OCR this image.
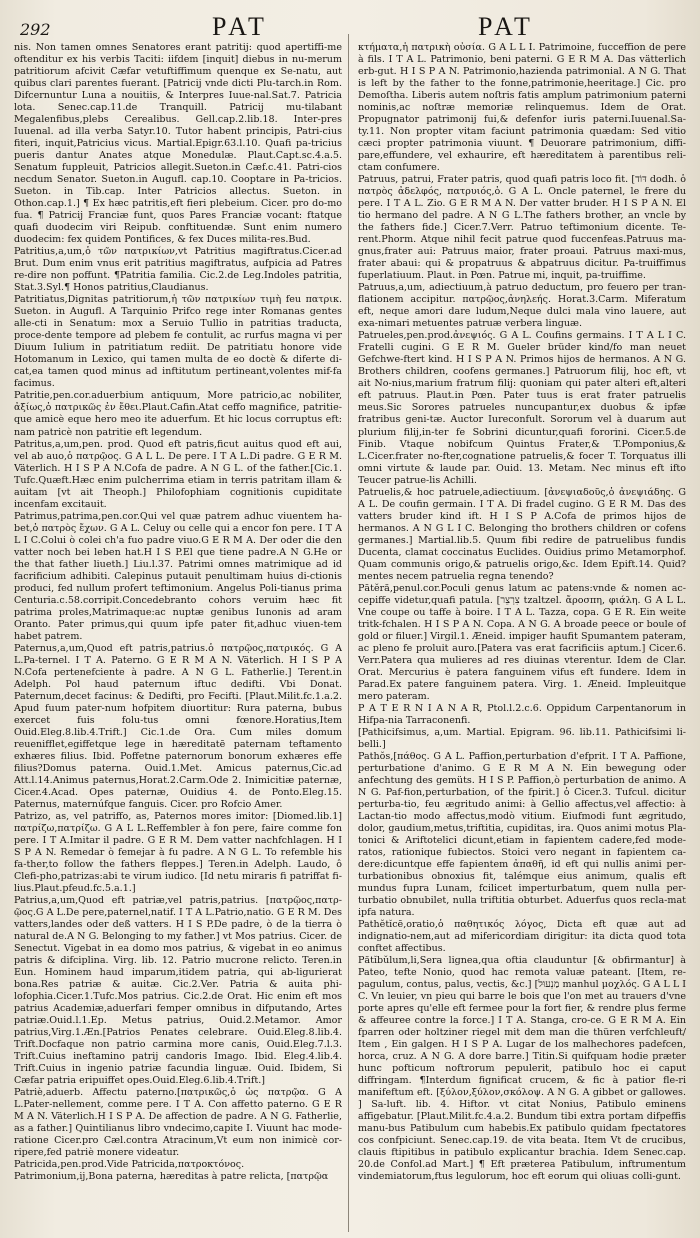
292	PAT	PAT

nis. Non tamen omnes Senatores erant patritij: quod apertiffi-me oftenditur ex his verbis Taciti: iifdem [inquit] diebus in nu-merum patritiorum afcivit Cæfar vetuftiffimum quenque ex Se-natu, aut quibus clari parentes fuerant. [Patricij vnde dicti Plu-tarch.in Rom. Difcernuntur Luna a nouitiis, & Interpres Iuue-nal.Sat.7. Patricia lota. Senec.cap.11.de Tranquill. Patricij mu-tilabant Megalenfibus,plebs Cerealibus. Gell.cap.2.lib.18. Inter-pres Iuuenal. ad illa verba Satyr.10. Tutor habent principis, Patri-cius fiteri, inquit,Patricius vicus. Martial.Epigr.63.l.10. Quafi pa-tricius pueris dantur Anates atque Monedulæ. Plaut.Capt.sc.4.a.5. Senatum fuppleuit, Patricios allegit.Sueton.in Cæf.c.41. Patri-cios necdum Senator. Sueton.in Augufl. cap.10. Cooptare in Pa-tricios. Sueton. in Tib.cap. Inter Patricios allectus. Sueton. in Othon.cap.1.] ¶ Ex hæc patritis,eft fieri plebeium. Cicer. pro do-mo fua. ¶ Patricij Franciæ funt, quos Pares Franciæ vocant: ftatque quafi duodecim viri Reipub. conftituendæ. Sunt enim numero duodecim: fex quidem Pontifices, & fex Duces milita-res.Bud.

Patritius,a,um,ὁ τῶν πατρικίων,vt Patritius magiftratus.Cicer.ad Brut. Dum enim vnus erit patritius magiftratus, aufpicia ad Patres re-dire non poffunt. ¶Patritia familia. Cic.2.de Leg.Indoles patritia, Stat.3.Syl.¶ Honos patritius,Claudianus.

Patritiatus,Dignitas patritiorum,ἡ τῶν πατρικίων τιμὴ feu πατρικ. Sueton. in Augufl. A Tarquinio Prifco rege inter Romanas gentes alle-cti in Senatum: mox a Seruio Tullio in patritias traducta, proce-dente tempore ad plebem fe contulit, ac rurfus magna vi per Diuum Iulium in patritiatum rediit. De patritiatu honore vide Hotomanum in Lexico, qui tamen multa de eo doctè & diferte di-cat,ea tamen quod minus ad inftitutum pertineant,volentes mif-fa facimus.

Patritie,pen.cor.aduerbium antiquum, More patricio,ac nobiliter, ἀξίως,ὁ πατρικῶς ἐν ἔθει.Plaut.Cafin.Atat ceffo magnifice, patritie-que amicè eque hero meo ite aduerfum. Et hic locus corruptus eft: nam patricè non patritie eft legendum.

Patritus,a,um,pen. prod. Quod eft patris,ficut auitus quod eft aui, vel ab auo,ὁ πατρῷος. G A L L. De pere. I T A L.Di padre. G E R M. Väterlich. H I S P A N.Cofa de padre. A N G L. of the father.[Cic.1. Tufc.Quæft.Hæc enim pulcherrima etiam in terris patritam illam & auitam [vt ait Theoph.] Philofophiam cognitionis cupiditate incenfam excitauit.

Patrimus,patrima,pen.cor.Qui vel quæ patrem adhuc viuentem ha-bet,ὁ πατρὸς ἔχων. G A L. Celuy ou celle qui a encor fon pere. I T A L I C.Colui ò colei ch'a fuo padre viuo.G E R M A. Der oder die den vatter noch bei leben hat.H I S P.El que tiene padre.A N G.He or the that father liueth.] Liu.l.37. Patrimi omnes matrimique ad id facrificium adhibiti. Calepinus putauit penultimam huius di-ctionis produci, fed nullum profert teftimonium. Angelus Poli-tianus prima Centuria.c.58.corripit.Concedebranto cohors veruim hæc fit patrima proles,Matrimaque:ac nuptæ genibus Iunonis ad aram Oranto. Pater primus,qui quum ipfe pater fit,adhuc viuen-tem habet patrem.

Paternus,a,um,Quod eft patris,patrius.ὁ πατρῷος,πατρικός. G A L.Pa-ternel. I T A. Paterno. G E R M A N. Väterlich. H I S P A N.Cofa pertenefciente à padre. A N G L. Fatherlie.] Terent.in Adelph. Pol haud paternum iftuc dedifti. Vbi Donat. Paternum,decet facinus: & Dedifti, pro Fecifti. [Plaut.Milit.fc.1.a.2. Apud fuum pater-num hofpitem diuortitur: Rura paterna, bubus exercet fuis folu-tus omni fœnore.Horatius,Item Ouid.Eleg.8.lib.4.Trift.] Cic.1.de Ora. Cum miles domum reuenifflet,egiffetque lege in hæreditatē paternam teftamento exhæres filius. Ibid. Poffetne paternorum bonorum exhæres effe filius?Domus paterna. Ouid.1.Met. Amicus paternus,Cic.ad Att.l.14.Animus paternus,Horat.2.Carm.Ode 2. Inimicitiæ paternæ, Cicer.4.Acad. Opes paternæ, Ouidius 4. de Ponto.Eleg.15. Paternus, maternúfque fanguis. Cicer. pro Rofcio Amer.

Patrizo, as, vel patriffo, as, Paternos mores imitor: [Diomed.lib.1] πατρίζω,πατρίζω. G A L L.Reffembler à fon pere, faire comme fon pere. I T A.Imitar il padre. G E R M. Dem vatter nachfchlagen. H I S P A N. Remedar ò femejar à fu padre. A N G L. To refemble his fa-ther,to follow the fathers fleppes.] Teren.in Adelph. Laudo, ô Clefi-pho,patrizas:abi te virum iudico. [Id netu miraris fi patriffat fi-lius.Plaut.pfeud.fc.5.a.1.]

Patrius,a,um,Quod eft patriæ,vel patris,patrius. [πατρῷος,πατρ-ῷος.G A L.De pere,paternel,natif. I T A L.Patrio,natio. G E R M. Des vatters,landes oder deß vatters. H I S P.De padre, ò de la tierra ò natural de.A N G. Belonging to my father.] vt Mos patrius. Cicer. de Senectut. Vigebat in ea domo mos patrius, & vigebat in eo animus patris & difciplina. Virg. lib. 12. Patrio mucrone relicto. Teren.in Eun. Hominem haud imparum,itidem patria, qui ab-ligurierat bona.Res patriæ & auitæ. Cic.2.Ver. Patria & auita phi-lofophia.Cicer.1.Tufc.Mos patrius. Cic.2.de Orat. Hic enim eft mos patrius Academiæ,aduerfari femper omnibus in difputando, Artes patriæ.Ouid.l.1.Ep. Metus patrius, Ouid.2.Metamor. Amor patrius,Virg.1.Æn.[Patrios Penates celebrare. Ouid.Eleg.8.lib.4. Trift.Docfaque non patrio carmina more canis, Ouid.Eleg.7.l.3. Trift.Cuius ineftamino patrij candoris Imago. Ibid. Eleg.4.lib.4. Trift.Cuius in ingenio patriæ facundia linguæ. Ouid. Ibidem, Si Cæfar patria eripuiffet opes.Ouid.Eleg.6.lib.4.Trift.]

Patriè,aduerb. Affectu paterno.[πατρικῶς,ὁ ὡς πατρῷα. G A L.Pater-nellement, comme pere. I T A. Con affetto paterno. G E R M A N. Väterlich.H I S P A. De affection de padre. A N G. Fatherlie, as a father.] Quintilianus libro vndecimo,capite I. Viuunt hac mode-ratione Cicer.pro Cæl.contra Atracinum,Vt eum non inimicè cor-ripere,fed patriè monere videatur.

Patricida,pen.prod.Vide Patricida,πατροκτόνος.

Patrimonium,ij,Bona paterna, hæreditas à patre relicta, [πατρῷα

κτήματα,ἡ πατρικὴ οὐσία. G A L L I. Patrimoine, fucceffion de pere à fils. I T A L. Patrimonio, beni paterni. G E R M A. Das vätterlich erb-gut. H I S P A N. Patrimonio,hazienda patrimonial. A N G. That is left by the father to the fonne,patrimonie,heeritage.] Cic. pro Demoſtha. Liberis autem noſtris fatis amplum patrimonium paterni nominis,ac noſtræ memoriæ relinquemus. Idem de Orat. Propugnator patrimonij fui,& defenfor iuris paterni.Iuuenal.Sa-ty.11. Non propter vitam faciunt patrimonia quædam: Sed vitio cæci propter patrimonia viuunt. ¶ Deuorare patrimonium, diffi-pare,effundere, vel exhaurire, eft hæreditatem à parentibus reli-ctam confumere.

Patruus, patrui, Frater patris, quod quafi patris loco fit. [דּוֹד dodh. ὁ πατρὸς ἀδελφός, πατρυιός,ὁ. G A L. Oncle paternel, le frere du pere. I T A L. Zio. G E R M A N. Der vatter bruder. H I S P A N. El tio hermano del padre. A N G L.The fathers brother, an vncle by the fathers fide.] Cicer.7.Verr. Patruo teftimonium dicente. Te-rent.Phorm. Atque nihil fecit patrue quod fuccenfeas.Patruus ma-gnus,frater aui: Patruus maior, frater proaui. Patruus maxi-mus, frater abaui: qui & propatruus & abpatruus dicitur. Pa-truiffimus fuperlatiuum. Plaut. in Pœn. Patrue mi, inquit, pa-truiffime.

Patruus,a,um, adiectiuum,à patruo deductum, pro feuero per tran-flationem accipitur. πατρῷος,ἀνηλεής. Horat.3.Carm. Miferatum eft, neque amori dare ludum,Neque dulci mala vino lauere, aut exa-nimari metuentes patruæ verbera linguæ.

Patrueles,pen.prod.ἀνεψιός. G A L. Coufins germains. I T A L I C. Fratelli cugini. G E R M. Gueler brüder kind/fo man neuet Gefchwe-ftert kind. H I S P A N. Primos hijos de hermanos. A N G. Brothers children, coofens germanes.] Patruorum filij, hoc eft, vt ait No-nius,marium fratrum filij: quoniam qui pater alteri eft,alteri eft patruus. Plaut.in Pœn. Pater tuus is erat frater patruelis meus.Sic Sorores patrueles nuncupantur,ex duobus & ipfæ fratribus geni-tæ. Auctor Iureconfult. Sororum vel à duarum aut plurium filij,in-ter fe Sobrini dicuntur,quafi fororini. Cicer.5.de Finib. Vtaque nobifcum Quintus Frater,& T.Pomponius,& L.Cicer.frater no-fter,cognatione patruelis,& focer T. Torquatus illi omni virtute & laude par. Ouid. 13. Metam. Nec minus eft ifto Teucer patrue-lis Achilli.

Patruelis,& hoc patruele,adiectiuum. [ἀνεψιαδοῦς,ὁ ἀνεψιάδης. G A L. De coufin germain. I T A. Di fradel cugino. G E R M. Das des vatters bruder kind ift. H I S P A.Cofa de primos hijos de hermanos. A N G L I C. Belonging tho brothers children or cofens germanes.] Martial.lib.5. Quum fibi redire de patruelibus fundis Ducenta, clamat coccinatus Euclides. Ouidius primo Metamorphof. Quam communis origo,& patruelis origo,&c. Idem Epift.14. Quid? mentes necem patruelia regna tenendo?

Pātĕră,penul.cor.Poculi genus latum ac patens:vnde & nomen ac-cepiffe videtur,quafi patula. [צִרְצֵר tzaltzel. ἄροσπη, φιάλη. G A L L. Vne coupe ou taffe à boire. I T A L. Tazza, copa. G E R. Ein weite tritk-fchalen. H I S P A N. Copa. A N G. A broade peece or boule of gold or filuer.] Virgil.1. Æneid. impiger haufit Spumantem pateram, ac pleno fe proluit auro.[Patera vas erat facrificiis aptum.] Cicer.6. Verr.Patera qua mulieres ad res diuinas vterentur. Idem de Clar. Orat. Mercurius è patera fanguinem vifus eft fundere. Idem in Parad.Ex patere fanguinem patera. Virg. 1. Æneid. Impleuitque mero pateram.

P A T E R N I A N A R, Ptol.l.2.c.6. Oppidum Carpentanorum in Hifpa-nia Tarraconenfi.

[Pathicifsimus, a,um. Martial. Epigram. 96. lib.11. Pathicifsimi li-belli.]

Pathŏs,[πάθος. G A L. Paffion,perturbation d'efprit. I T A. Paffione, perturbatione d'animo. G E R M A N. Ein bewegung oder anfechtung des gemüts. H I S P. Paffion,ò perturbation de animo. A N G. Paf-fion,perturbation, of the fpirit.] ὁ Cicer.3. Tufcul. dicitur perturba-tio, feu ægritudo animi: à Gellio affectus,vel affectio: à Lactan-tio modo affectus,modò vitium. Eiufmodi funt ægritudo, dolor, gaudium,metus,triftitia, cupiditas, ira. Quos animi motus Pla-tonici & Ariftotelici dicunt,etiam in fapientem cadere,fed mode-ratos, rationique fubiectos. Stoici vero negant in fapientem ca-dere:dicuntque effe fapientem ἀπαθῆ, id eft qui nullis animi per-turbationibus obnoxius fit, talémque eius animum, qualis eft mundus fupra Lunam, fcilicet imperturbatum, quem nulla per-turbatio obnubilet, nulla triftitia obturbet. Aduerfus quos recla-mat ipfa natura.

Pathĕtĭcē,oratio,ὁ παθητικός λόγος, Dicta eft quæ aut ad indignatio-nem,aut ad mifericordiam dirigitur: ita dicta quod tota conftet affectibus.

Pătĭbŭlum,li,Sera lignea,qua oftia clauduntur [& obfirmantur] à Pateo, tefte Nonio, quod hac remota valuæ pateant. [Item, re-pagulum, contus, palus, vectis, &c.] [מַנְעוּל manhul μοχλός. G A L L I C. Vn leuier, vn pieu qui barre le bois que l'on met au trauers d'vne porte apres qu'elle eft fermee pour la fort fier, & rendre plus ferme & affeuree contre la force.] I T A. Stanga, cro-ce. G E R M A. Ein fparren oder holtziner riegel mit dem man die thüren verfchleuft/ Item , Ein galgen. H I S P A. Lugar de los malhechores padefcen, horca, cruz. A N G. A dore barre.] Titin.Si quifquam hodie præter hunc pofticum noftrorum pepulerit, patibulo hoc ei caput diffringam. ¶Interdum fignificat crucem, & fic à patior fle-ri manifeftum eft. [ξύλον,ξύλον,σκόλοψ. A N G. A gibbet or gallowes. ] Sa-luft. lib. 4. Hiftor. vt citat Nonius, Patibulo eminens affigebatur. [Plaut.Milit.fc.4.a.2. Bundum tibi extra portam difpeffis manu-bus Patibulum cum habebis.Ex patibulo quidam fpectatores cos confpiciunt. Senec.cap.19. de vita beata. Item Vt de crucibus, clauis ftipitibus in patibulo explicantur brachia. Idem Senec.cap. 20.de Confol.ad Mart.] ¶ Eft præterea Patibulum, inftrumentum vindemiatorum,ftus legulorum, hoc eft eorum qui oliuas colli-gunt.
